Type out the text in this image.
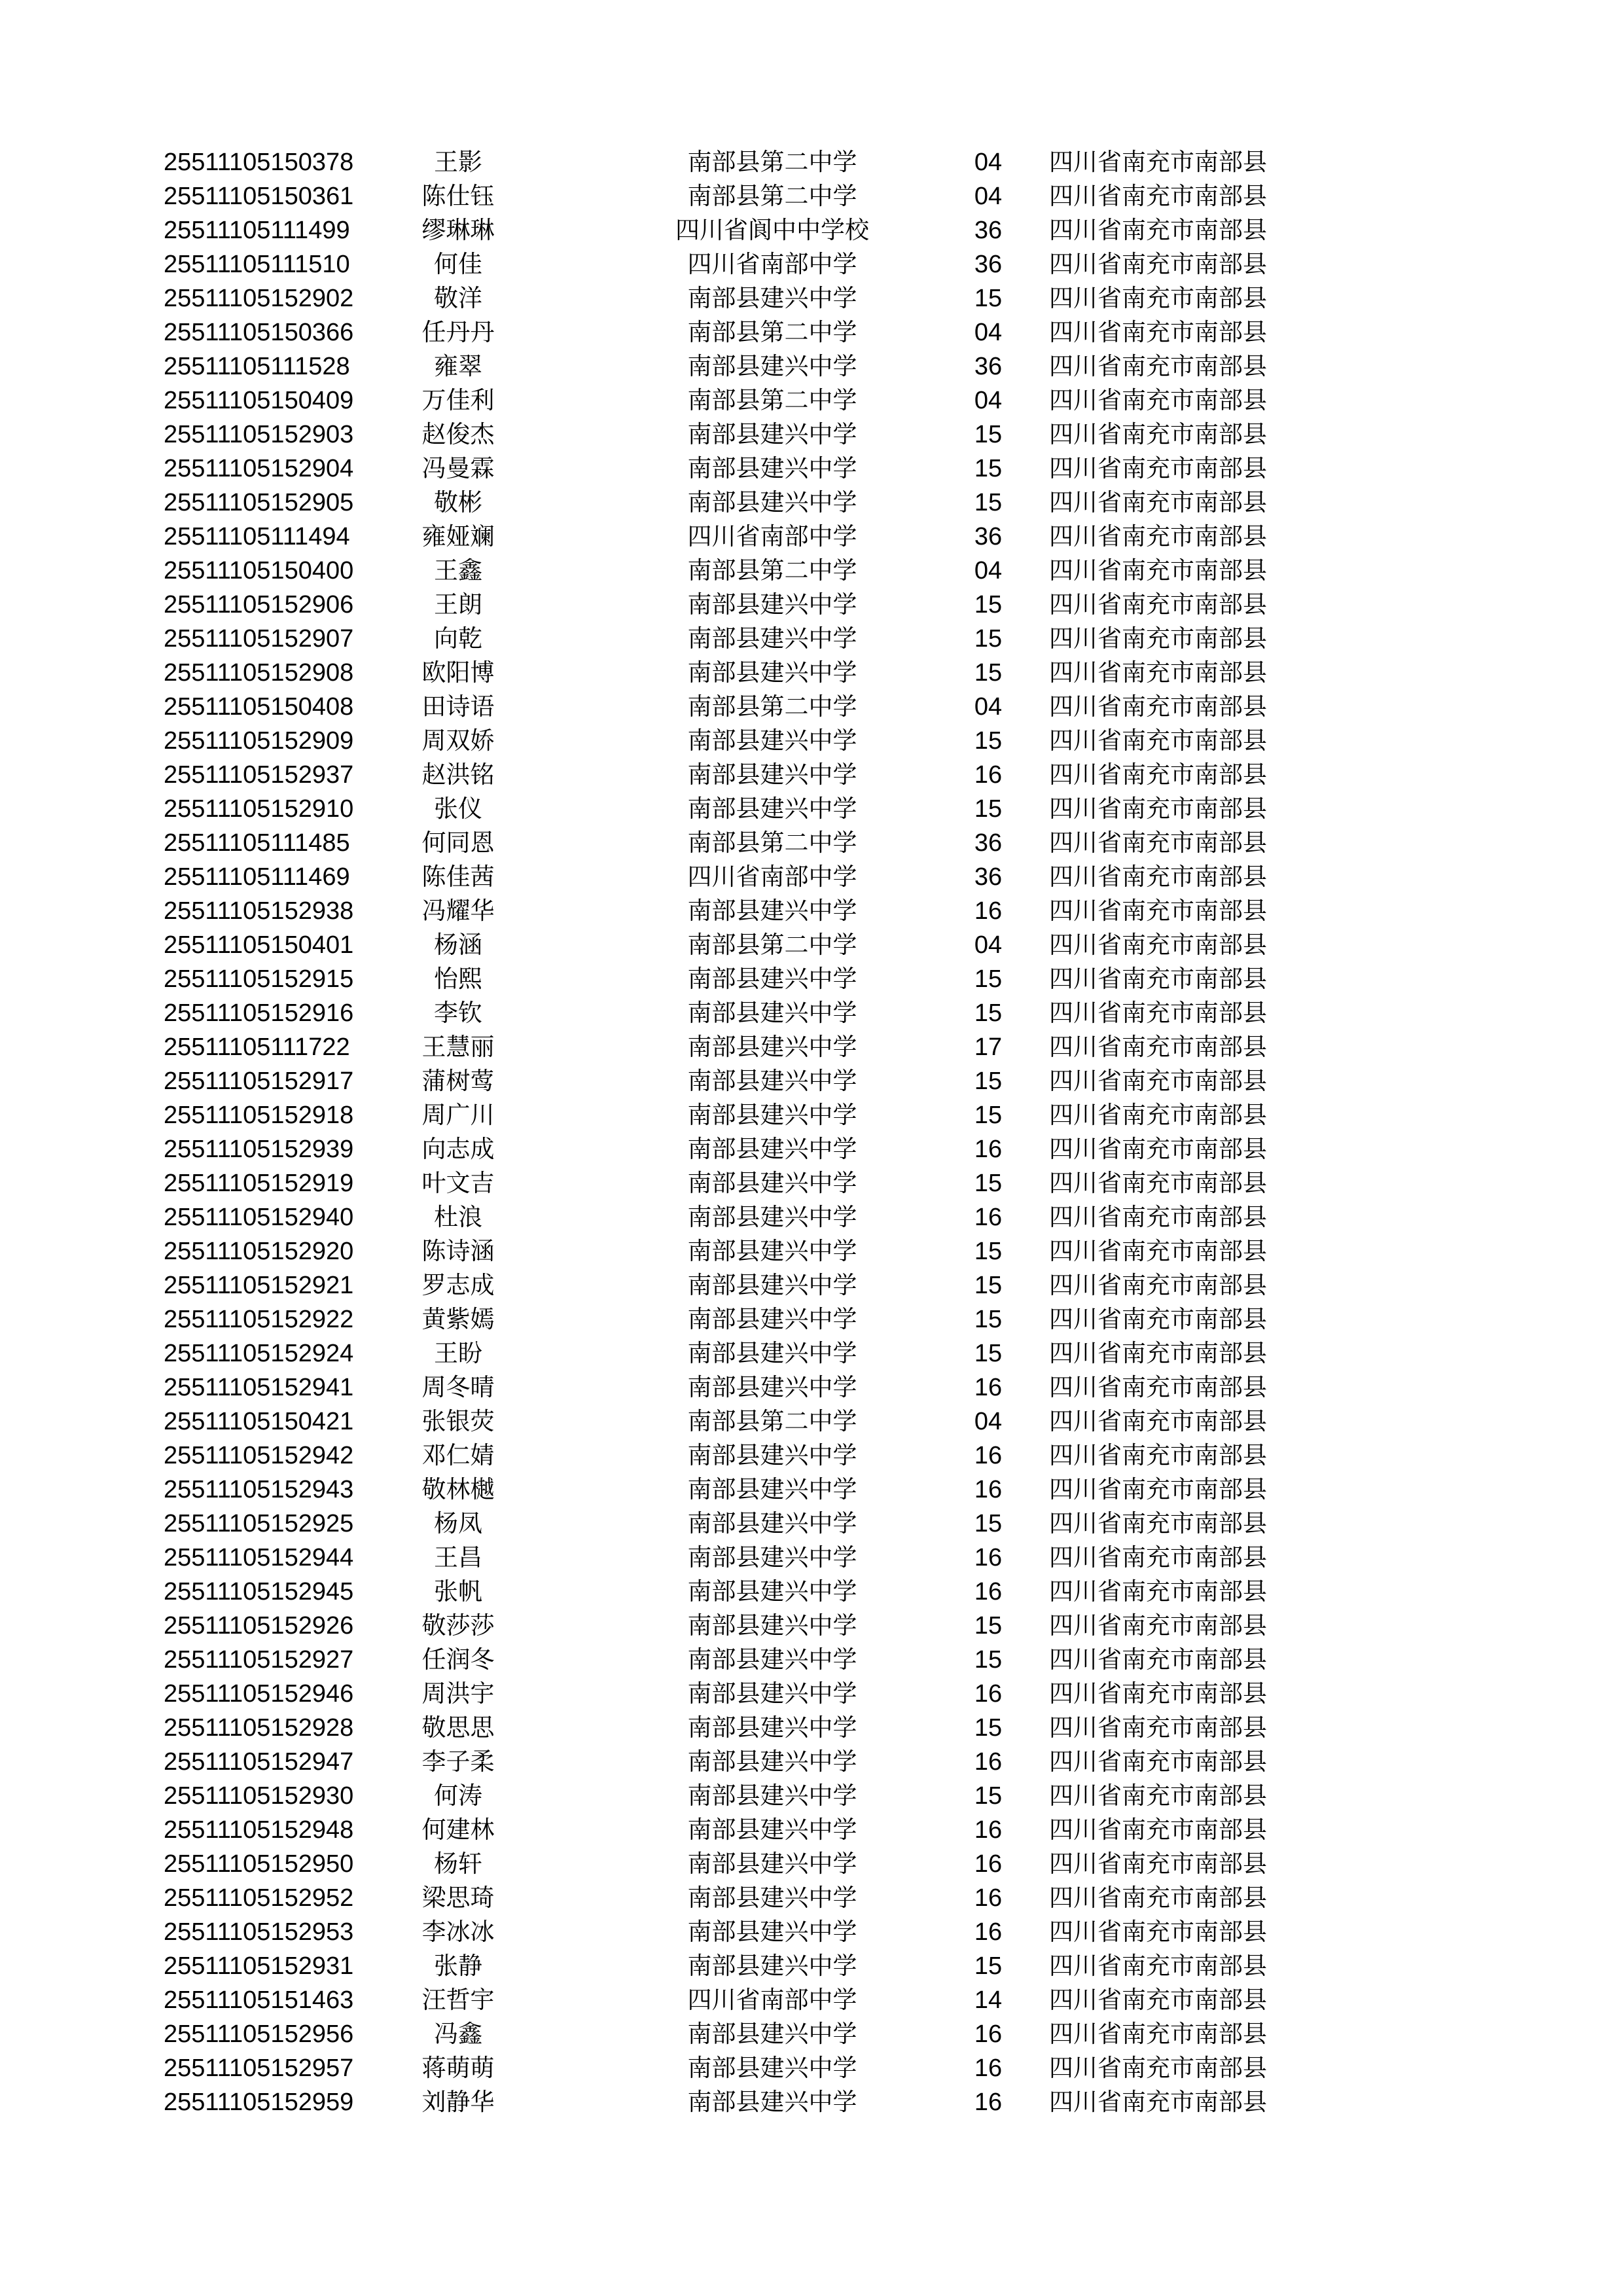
25511105150378	王影	南部县第二中学	04	四川省南充市南部县
25511105150361	陈仕钰	南部县第二中学	04	四川省南充市南部县
25511105111499	缪琳琳	四川省阆中中学校	36	四川省南充市南部县
25511105111510	何佳	四川省南部中学	36	四川省南充市南部县
25511105152902	敬洋	南部县建兴中学	15	四川省南充市南部县
25511105150366	任丹丹	南部县第二中学	04	四川省南充市南部县
25511105111528	雍翠	南部县建兴中学	36	四川省南充市南部县
25511105150409	万佳利	南部县第二中学	04	四川省南充市南部县
25511105152903	赵俊杰	南部县建兴中学	15	四川省南充市南部县
25511105152904	冯曼霖	南部县建兴中学	15	四川省南充市南部县
25511105152905	敬彬	南部县建兴中学	15	四川省南充市南部县
25511105111494	雍娅斓	四川省南部中学	36	四川省南充市南部县
25511105150400	王鑫	南部县第二中学	04	四川省南充市南部县
25511105152906	王朗	南部县建兴中学	15	四川省南充市南部县
25511105152907	向乾	南部县建兴中学	15	四川省南充市南部县
25511105152908	欧阳博	南部县建兴中学	15	四川省南充市南部县
25511105150408	田诗语	南部县第二中学	04	四川省南充市南部县
25511105152909	周双娇	南部县建兴中学	15	四川省南充市南部县
25511105152937	赵洪铭	南部县建兴中学	16	四川省南充市南部县
25511105152910	张仪	南部县建兴中学	15	四川省南充市南部县
25511105111485	何同恩	南部县第二中学	36	四川省南充市南部县
25511105111469	陈佳茜	四川省南部中学	36	四川省南充市南部县
25511105152938	冯耀华	南部县建兴中学	16	四川省南充市南部县
25511105150401	杨涵	南部县第二中学	04	四川省南充市南部县
25511105152915	怡熙	南部县建兴中学	15	四川省南充市南部县
25511105152916	李钦	南部县建兴中学	15	四川省南充市南部县
25511105111722	王慧丽	南部县建兴中学	17	四川省南充市南部县
25511105152917	蒲树莺	南部县建兴中学	15	四川省南充市南部县
25511105152918	周广川	南部县建兴中学	15	四川省南充市南部县
25511105152939	向志成	南部县建兴中学	16	四川省南充市南部县
25511105152919	叶文吉	南部县建兴中学	15	四川省南充市南部县
25511105152940	杜浪	南部县建兴中学	16	四川省南充市南部县
25511105152920	陈诗涵	南部县建兴中学	15	四川省南充市南部县
25511105152921	罗志成	南部县建兴中学	15	四川省南充市南部县
25511105152922	黄紫嫣	南部县建兴中学	15	四川省南充市南部县
25511105152924	王盼	南部县建兴中学	15	四川省南充市南部县
25511105152941	周冬晴	南部县建兴中学	16	四川省南充市南部县
25511105150421	张银荧	南部县第二中学	04	四川省南充市南部县
25511105152942	邓仁婧	南部县建兴中学	16	四川省南充市南部县
25511105152943	敬林樾	南部县建兴中学	16	四川省南充市南部县
25511105152925	杨凤	南部县建兴中学	15	四川省南充市南部县
25511105152944	王昌	南部县建兴中学	16	四川省南充市南部县
25511105152945	张帆	南部县建兴中学	16	四川省南充市南部县
25511105152926	敬莎莎	南部县建兴中学	15	四川省南充市南部县
25511105152927	任润冬	南部县建兴中学	15	四川省南充市南部县
25511105152946	周洪宇	南部县建兴中学	16	四川省南充市南部县
25511105152928	敬思思	南部县建兴中学	15	四川省南充市南部县
25511105152947	李子柔	南部县建兴中学	16	四川省南充市南部县
25511105152930	何涛	南部县建兴中学	15	四川省南充市南部县
25511105152948	何建林	南部县建兴中学	16	四川省南充市南部县
25511105152950	杨轩	南部县建兴中学	16	四川省南充市南部县
25511105152952	梁思琦	南部县建兴中学	16	四川省南充市南部县
25511105152953	李冰冰	南部县建兴中学	16	四川省南充市南部县
25511105152931	张静	南部县建兴中学	15	四川省南充市南部县
25511105151463	汪哲宇	四川省南部中学	14	四川省南充市南部县
25511105152956	冯鑫	南部县建兴中学	16	四川省南充市南部县
25511105152957	蒋萌萌	南部县建兴中学	16	四川省南充市南部县
25511105152959	刘静华	南部县建兴中学	16	四川省南充市南部县
